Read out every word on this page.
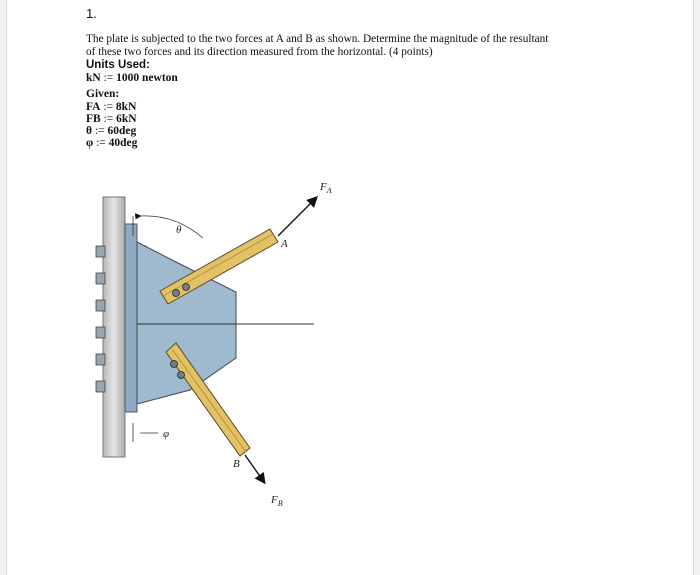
1.
The plate is subjected to the two forces at A and B as shown. Determine the magnitude of the resultant of these two forces and its direction measured from the horizontal. (4 points)
Units Used:
kN := 1000 newton
Given:
FA := 8kN
FB := 6kN
θ := 60deg
φ := 40deg
$F_A$
$F_B$
A
B
θ
φ
